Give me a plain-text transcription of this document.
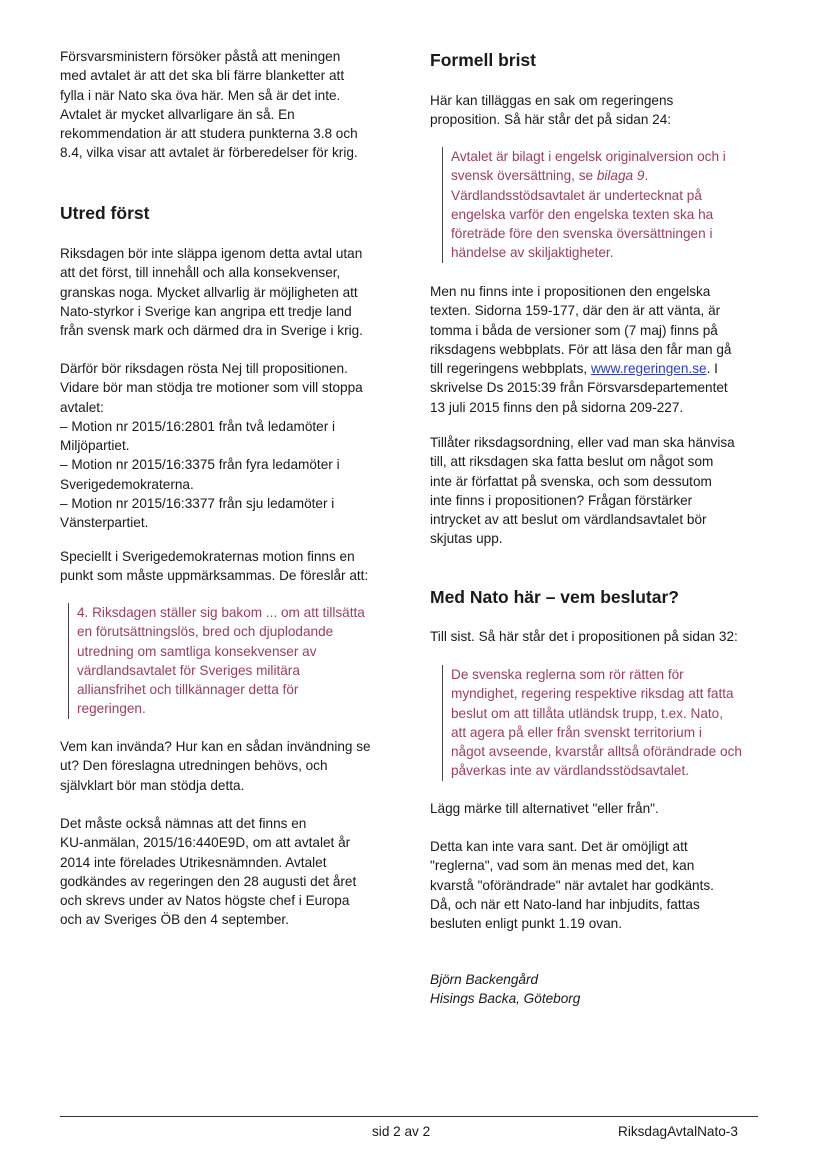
Försvarsministern försöker påstå att meningen
med avtalet är att det ska bli färre blanketter att
fylla i när Nato ska öva här. Men så är det inte.
Avtalet är mycket allvarligare än så. En
rekommendation är att studera punkterna 3.8 och
8.4, vilka visar att avtalet är förberedelser för krig.

Utred först

Riksdagen bör inte släppa igenom detta avtal utan
att det först, till innehåll och alla konsekvenser,
granskas noga. Mycket allvarlig är möjligheten att
Nato-styrkor i Sverige kan angripa ett tredje land
från svensk mark och därmed dra in Sverige i krig.

Därför bör riksdagen rösta Nej till propositionen.
Vidare bör man stödja tre motioner som vill stoppa
avtalet:
– Motion nr 2015/16:2801 från två ledamöter i
Miljöpartiet.
– Motion nr 2015/16:3375 från fyra ledamöter i
Sverigedemokraterna.
– Motion nr 2015/16:3377 från sju ledamöter i
Vänsterpartiet.

Speciellt i Sverigedemokraternas motion finns en
punkt som måste uppmärksammas. De föreslår att:

4. Riksdagen ställer sig bakom ... om att tillsätta
en förutsättningslös, bred och djuplodande
utredning om samtliga konsekvenser av
värdlandsavtalet för Sveriges militära
alliansfrihet och tillkännager detta för
regeringen.

Vem kan invända? Hur kan en sådan invändning se
ut? Den föreslagna utredningen behövs, och
självklart bör man stödja detta.

Det måste också nämnas att det finns en
KU-anmälan, 2015/16:440E9D, om att avtalet år
2014 inte förelades Utrikesnämnden. Avtalet
godkändes av regeringen den 28 augusti det året
och skrevs under av Natos högste chef i Europa
och av Sveriges ÖB den 4 september.

Formell brist

Här kan tilläggas en sak om regeringens
proposition. Så här står det på sidan 24:

Avtalet är bilagt i engelsk originalversion och i
svensk översättning, se bilaga 9.

Värdlandsstödsavtalet är undertecknat på
engelska varför den engelska texten ska ha
företräde före den svenska översättningen i
händelse av skiljaktigheter.

Men nu finns inte i propositionen den engelska
texten. Sidorna 159-177, där den är att vänta, är
tomma i båda de versioner som (7 maj) finns på
riksdagens webbplats. För att läsa den får man gå
till regeringens webbplats, www.regeringen.se. I
skrivelse Ds 2015:39 från Försvarsdepartementet
13 juli 2015 finns den på sidorna 209-227.

Tillåter riksdagsordning, eller vad man ska hänvisa
till, att riksdagen ska fatta beslut om något som
inte är författat på svenska, och som dessutom
inte finns i propositionen? Frågan förstärker
intrycket av att beslut om värdlandsavtalet bör
skjutas upp.

Med Nato här – vem beslutar?

Till sist. Så här står det i propositionen på sidan 32:

De svenska reglerna som rör rätten för
myndighet, regering respektive riksdag att fatta
beslut om att tillåta utländsk trupp, t.ex. Nato,
att agera på eller från svenskt territorium i
något avseende, kvarstår alltså oförändrade och
påverkas inte av värdlandsstödsavtalet.

Lägg märke till alternativet "eller från".

Detta kan inte vara sant. Det är omöjligt att
"reglerna", vad som än menas med det, kan
kvarstå "oförändrade" när avtalet har godkänts.
Då, och när ett Nato-land har inbjudits, fattas
besluten enligt punkt 1.19 ovan.

Björn Backengård
Hisings Backa, Göteborg

sid 2 av 2	RiksdagAvtalNato-3
